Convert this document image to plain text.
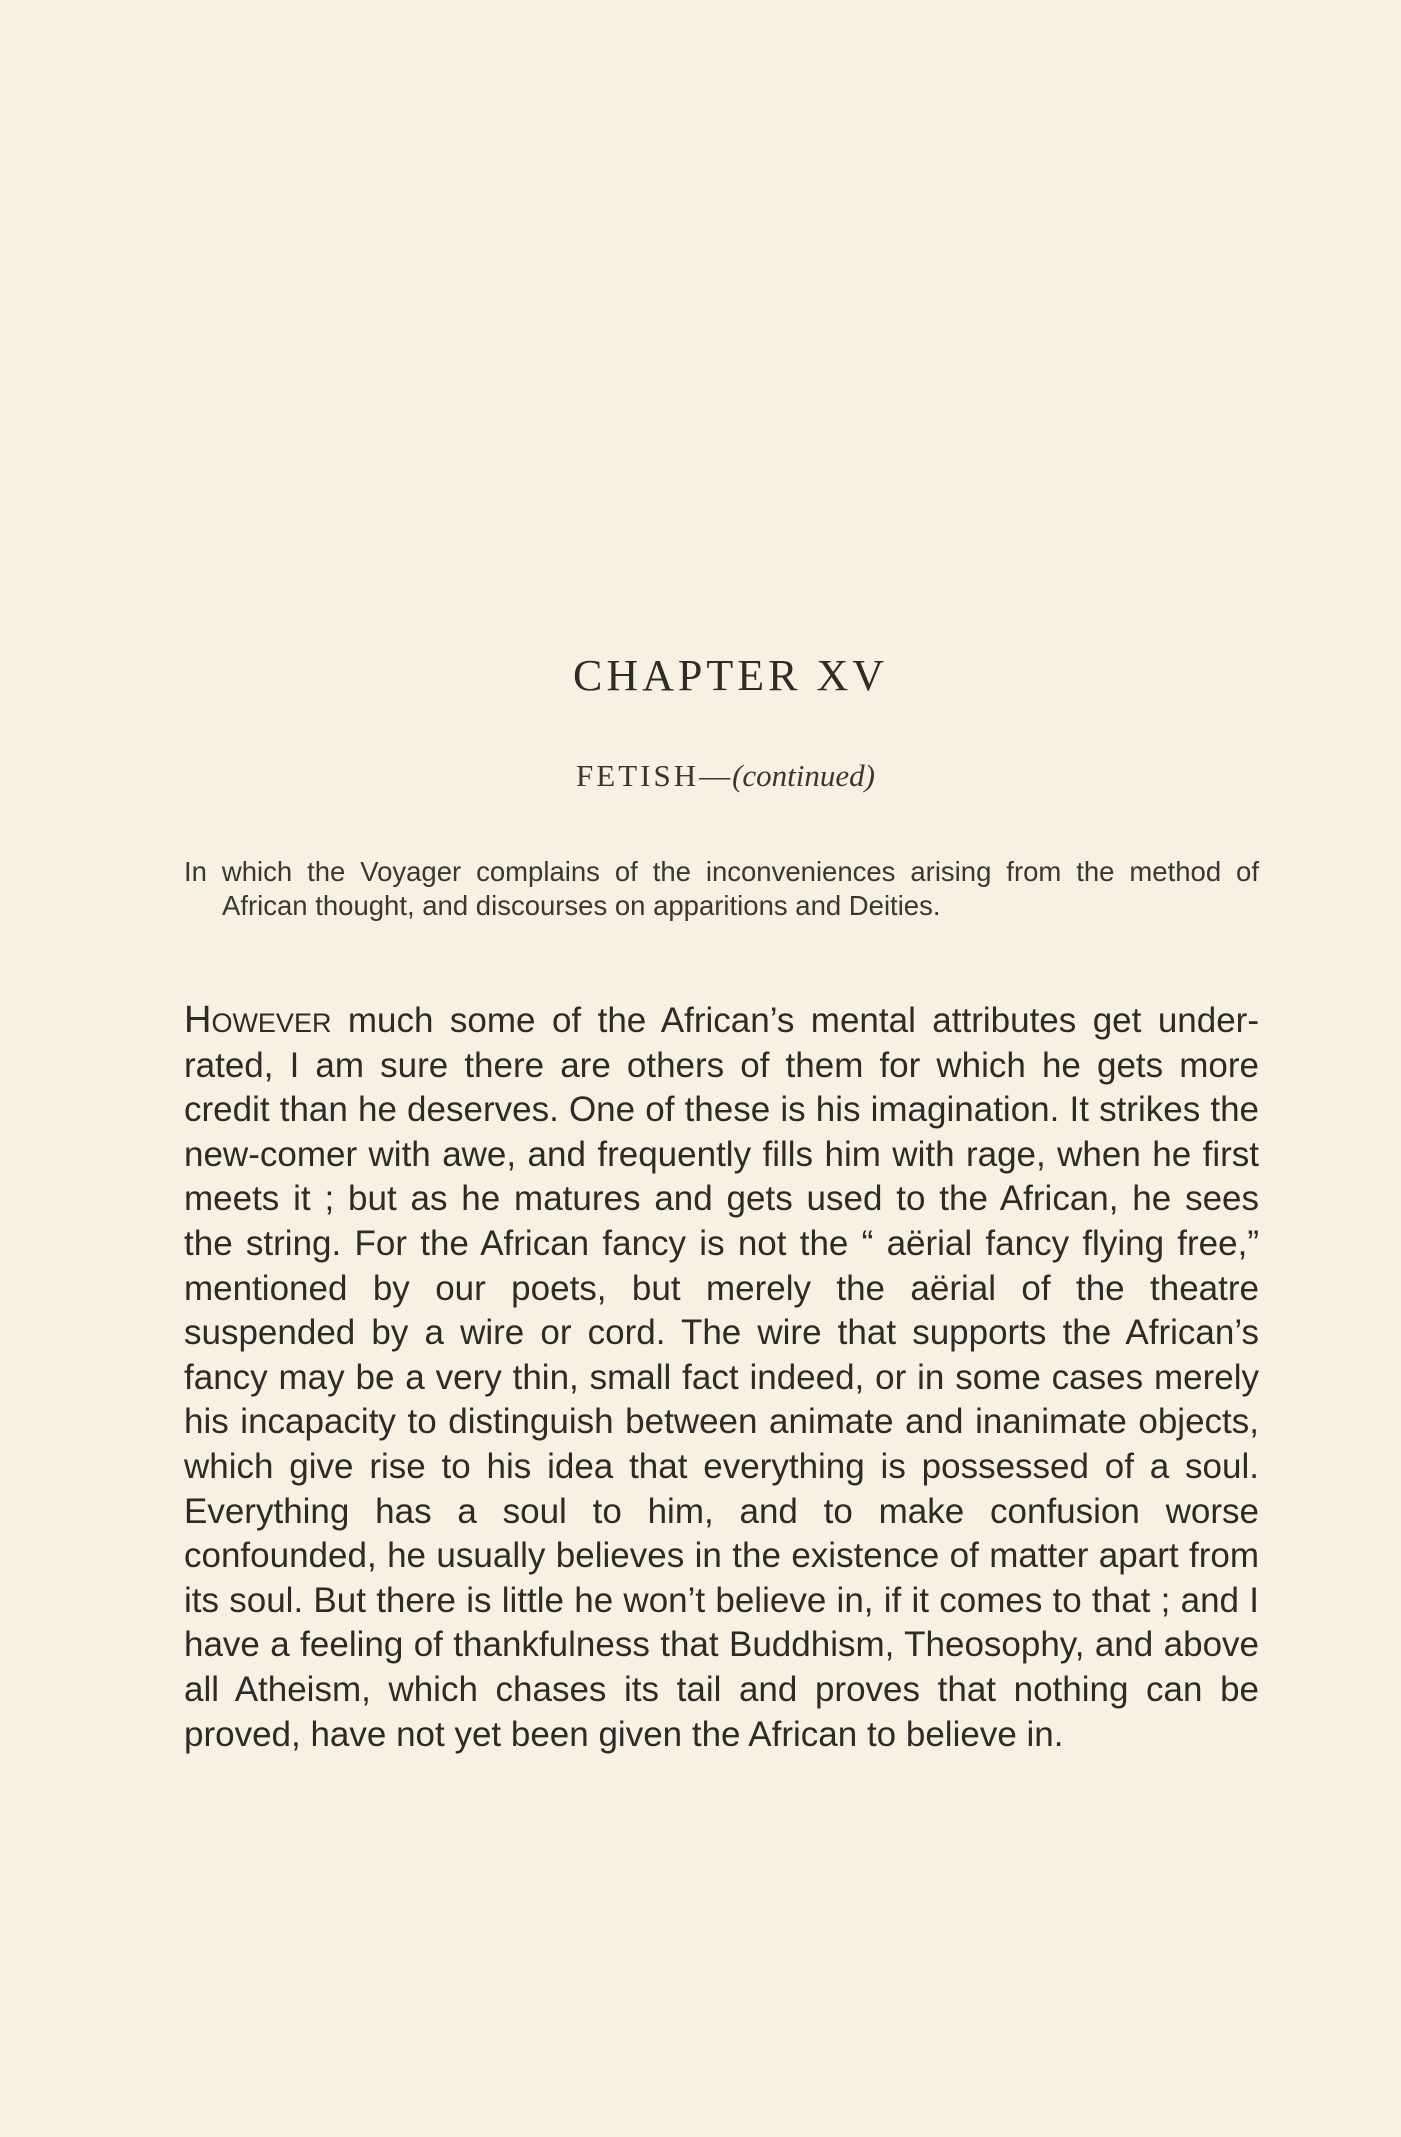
CHAPTER XV
FETISH—(continued)
In which the Voyager complains of the inconveniences arising from the method of African thought, and discourses on apparitions and Deities.
However much some of the African’s mental attributes get under-rated, I am sure there are others of them for which he gets more credit than he deserves. One of these is his imagination. It strikes the new-comer with awe, and frequently fills him with rage, when he first meets it ; but as he matures and gets used to the African, he sees the string. For the African fancy is not the “ aërial fancy flying free,” mentioned by our poets, but merely the aërial of the theatre suspended by a wire or cord. The wire that supports the African’s fancy may be a very thin, small fact indeed, or in some cases merely his incapacity to distinguish between animate and inanimate objects, which give rise to his idea that everything is possessed of a soul. Everything has a soul to him, and to make confusion worse confounded, he usually believes in the existence of matter apart from its soul. But there is little he won’t believe in, if it comes to that ; and I have a feeling of thankfulness that Buddhism, Theosophy, and above all Atheism, which chases its tail and proves that nothing can be proved, have not yet been given the African to believe in.
